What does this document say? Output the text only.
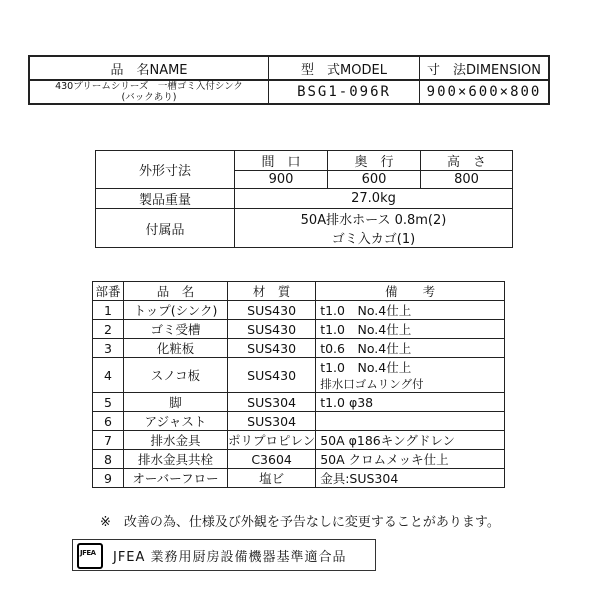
品　名NAME	型　式MODEL	寸　法DIMENSION

430プリームシリーズ　一槽ゴミ入付シンク
(バックあり)	BSG1-096R	900×600×800
外形寸法	間　口	奥　行	高　さ
	900	600	800
製品重量	27.0kg		
付属品	50A排水ホース 0.8m(2)
ゴミ入カゴ(1)		
部番	品　名	材　質	備　　考
1	トップ(シンク)	SUS430	t1.0　No.4仕上

2	ゴミ受槽	SUS430	t1.0　No.4仕上

3	化粧板	SUS430	t0.6　No.4仕上

4	スノコ板	SUS430	t1.0　No.4仕上
排水口ゴムリング付

5	脚	SUS304	t1.0 φ38

6	アジャスト	SUS304	

7	排水金具	ポリプロピレン	50A φ186キングドレン

8	排水金具共栓	C3604	50A クロムメッキ仕上

9	オーバーフロー	塩ビ	金具:SUS304
※　改善の為、仕様及び外観を予告なしに変更することがあります。
JFEA JFEA 業務用厨房設備機器基準適合品
